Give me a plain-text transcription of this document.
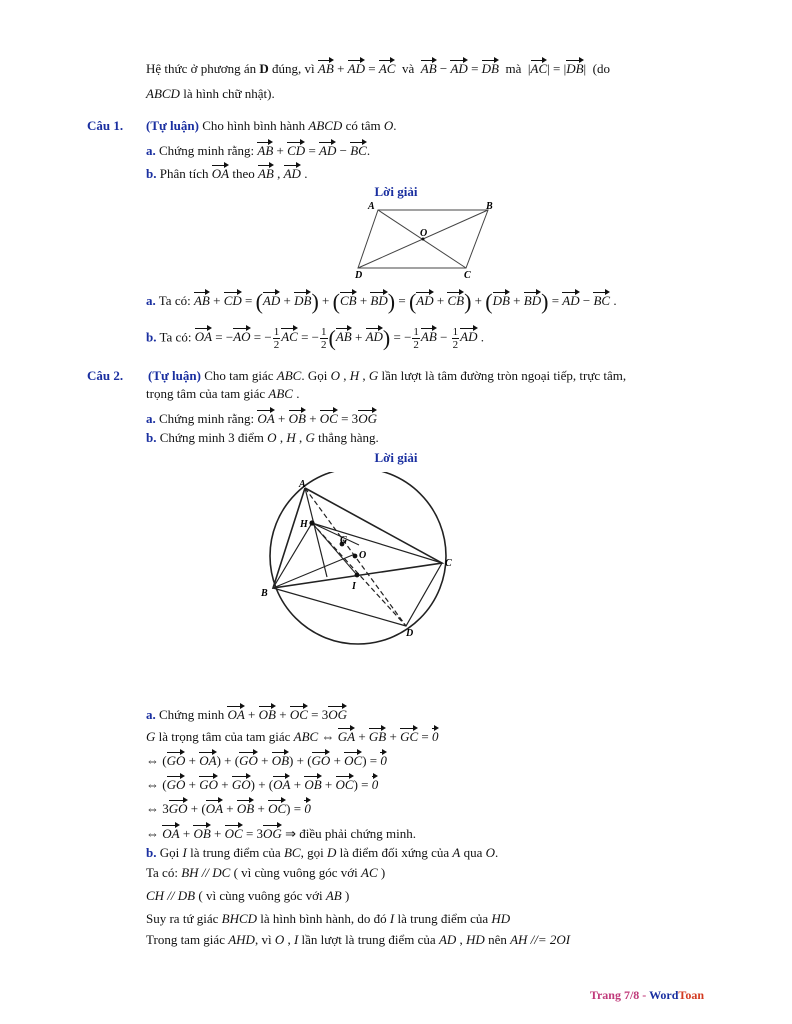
Hệ thức ở phương án D đúng, vì AB + AD = AC và AB − AD = DB mà  |AC| = |DB|  (do
ABCD là hình chữ nhật).
Câu 1. (Tự luận) Cho hình bình hành ABCD có tâm O.
a. Chứng minh rằng: AB + CD = AD − BC.
b. Phân tích OA theo AB , AD .
Lời giải
A	B
C
D
O
a. Ta có: AB + CD = (AD + DB) + (CB + BD) = (AD + CB) + (DB + BD) = AD − BC .
b. Ta có: OA = −AO = − $\frac{1}{2}$ AC = − $\frac{1}{2} (AB + AD)$ = − $\frac{1}{2}$ AB − $\frac{1}{2}$ AD .
Câu 2. (Tự luận) Cho tam giác ABC. Gọi O , H , G lần lượt là tâm đường tròn ngoại tiếp, trực tâm,
trọng tâm của tam giác ABC .
a. Chứng minh rằng: OA + OB + OC = 3OG
b. Chứng minh 3 điểm O , H , G thẳng hàng.
Lời giải
A
B
C
D
H
G
O
I
a. Chứng minh OA + OB + OC = 3OG
G là trọng tâm của tam giác ABC ⇔ GA + GB + GC = 0
⇔ (GO + OA) + (GO + OB) + (GO + OC) = 0
⇔ (GO + GO + GO) + (OA + OB + OC) = 0
⇔ 3GO + (OA + OB + OC) = 0
⇔ OA + OB + OC = 3OG ⇒ điều phải chứng minh.
b. Gọi I là trung điểm của BC, gọi D là điểm đối xứng của A qua O.
Ta có: BH // DC ( vì cùng vuông góc với AC )
CH // DB ( vì cùng vuông góc với AB )
Suy ra tứ giác BHCD là hình bình hành, do đó I là trung điểm của HD
Trong tam giác AHD, vì O , I lần lượt là trung điểm của AD , HD nên AH //= 2OI
Trang 7/8 - WordToan
